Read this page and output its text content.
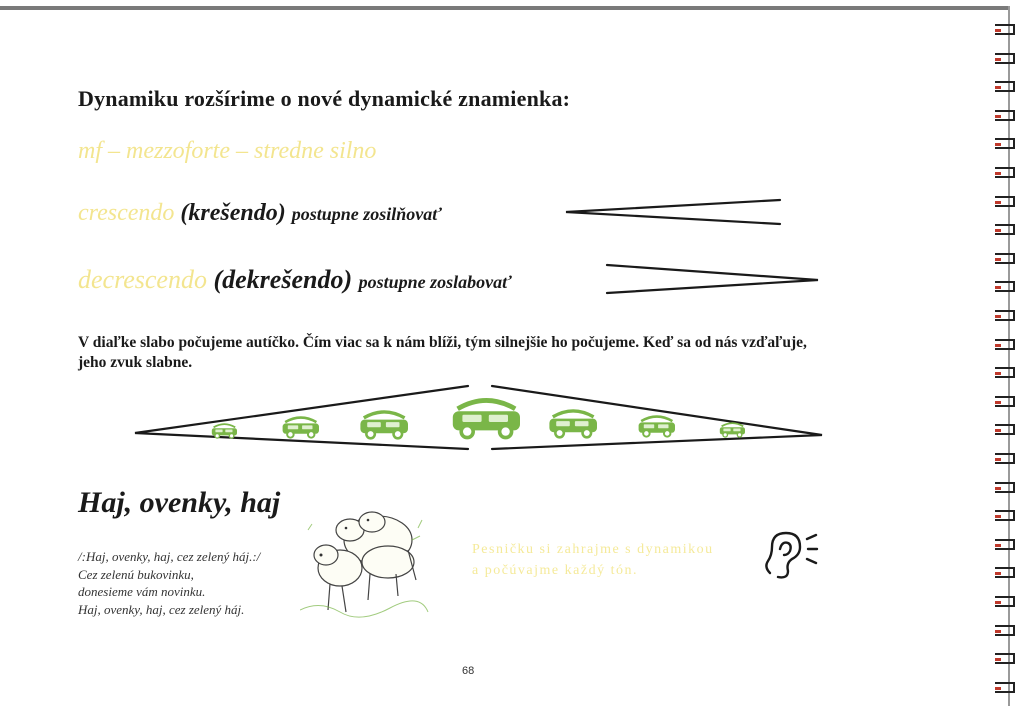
Dynamiku rozšírime o nové dynamické znamienka:
mf – mezzoforte – stredne silno
crescendo (krešendo) postupne zosilňovať
decrescendo (dekrešendo) postupne zoslabovať
V diaľke slabo počujeme autíčko. Čím viac sa k nám blíži, tým silnejšie ho počujeme. Keď sa od nás vzďaľuje, jeho zvuk slabne.
Haj, ovenky, haj
/:Haj, ovenky, haj, cez zelený háj.:/
Cez zelenú bukovinku,
donesieme vám novinku.
Haj, ovenky, haj, cez zelený háj.
Pesničku si zahrajme s dynamikou
a počúvajme každý tón.
68
